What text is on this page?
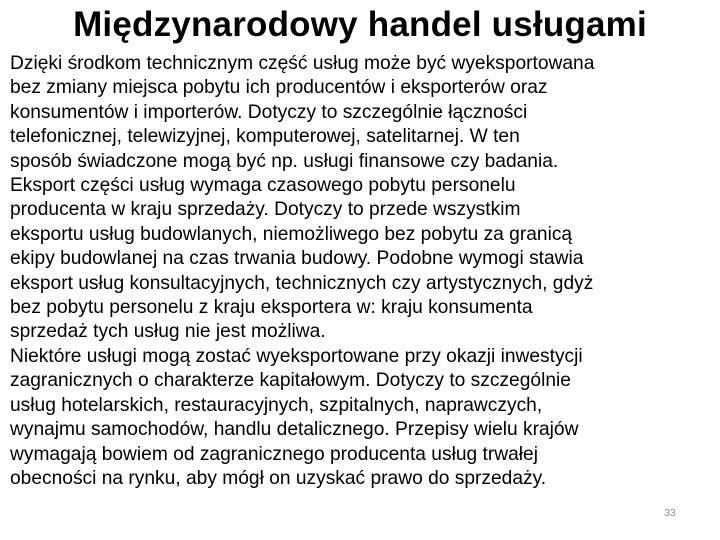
Międzynarodowy handel usługami
Dzięki środkom technicznym część usług może być wyeksportowana
bez zmiany miejsca pobytu ich producentów i eksporterów oraz
konsumentów i importerów. Dotyczy to szczególnie łączności
telefonicznej, telewizyjnej, komputerowej, satelitarnej. W ten
sposób świadczone mogą być np. usługi finansowe czy badania.
Eksport części usług wymaga czasowego pobytu personelu
producenta w kraju sprzedaży. Dotyczy to przede wszystkim
eksportu usług budowlanych, niemożliwego bez pobytu za granicą
ekipy budowlanej na czas trwania budowy. Podobne wymogi stawia
eksport usług konsultacyjnych, technicznych czy artystycznych, gdyż
bez pobytu personelu z kraju eksportera w: kraju konsumenta
sprzedaż tych usług nie jest możliwa.
Niektóre usługi mogą zostać wyeksportowane przy okazji inwestycji
zagranicznych o charakterze kapitałowym. Dotyczy to szczególnie
usług hotelarskich, restauracyjnych, szpitalnych, naprawczych,
wynajmu samochodów, handlu detalicznego. Przepisy wielu krajów
wymagają bowiem od zagranicznego producenta usług trwałej
obecności na rynku, aby mógł on uzyskać prawo do sprzedaży.
33
